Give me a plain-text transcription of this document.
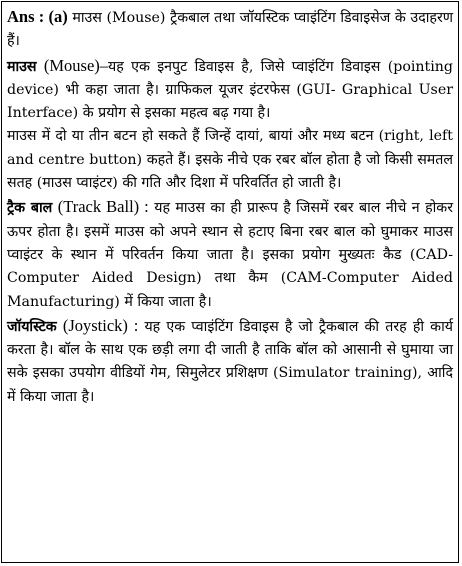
Ans : (a) माउस (Mouse) ट्रैकबाल तथा जॉयस्टिक प्वाइंटिंग डिवाइसेज के उदाहरण हैं।

माउस (Mouse)–यह एक इनपुट डिवाइस है, जिसे प्वाइंटिंग डिवाइस (pointing device) भी कहा जाता है। ग्राफिकल यूजर इंटरफेस (GUI- Graphical User Interface) के प्रयोग से इसका महत्व बढ़ गया है।

माउस में दो या तीन बटन हो सकते हैं जिन्हें दायां, बायां और मध्य बटन (right, left and centre button) कहते हैं। इसके नीचे एक रबर बॉल होता है जो किसी समतल सतह (माउस प्वाइंटर) की गति और दिशा में परिवर्तित हो जाती है।

ट्रैक बाल (Track Ball) : यह माउस का ही प्रारूप है जिसमें रबर बाल नीचे न होकर ऊपर होता है। इसमें माउस को अपने स्थान से हटाए बिना रबर बाल को घुमाकर माउस प्वाइंटर के स्थान में परिवर्तन किया जाता है। इसका प्रयोग मुख्यतः कैड (CAD- Computer Aided Design) तथा कैम (CAM-Computer Aided Manufacturing) में किया जाता है।

जॉयस्टिक (Joystick) : यह एक प्वाइंटिंग डिवाइस है जो ट्रैकबाल की तरह ही कार्य करता है। बॉल के साथ एक छड़ी लगा दी जाती है ताकि बॉल को आसानी से घुमाया जा सके इसका उपयोग वीडियों गेम, सिमुलेटर प्रशिक्षण (Simulator training), आदि में किया जाता है।
